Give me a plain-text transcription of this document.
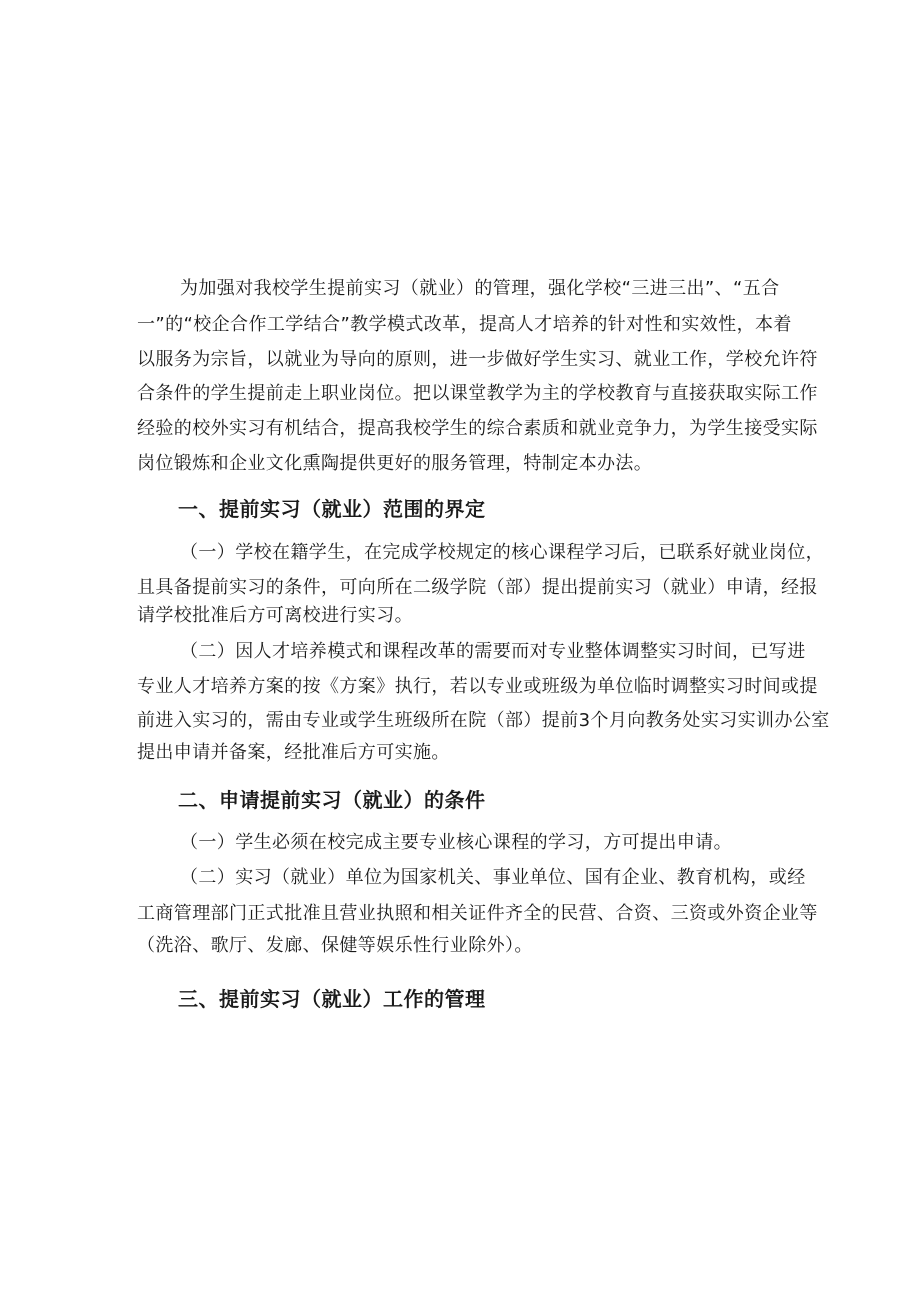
为加强对我校学生提前实习（就业）的管理，强化学校“三进三出”、“五合
一”的“校企合作工学结合”教学模式改革，提高人才培养的针对性和实效性，本着
以服务为宗旨，以就业为导向的原则，进一步做好学生实习、就业工作，学校允许符
合条件的学生提前走上职业岗位。把以课堂教学为主的学校教育与直接获取实际工作
经验的校外实习有机结合，提高我校学生的综合素质和就业竞争力，为学生接受实际
岗位锻炼和企业文化熏陶提供更好的服务管理，特制定本办法。
一、提前实习（就业）范围的界定
（一）学校在籍学生，在完成学校规定的核心课程学习后，已联系好就业岗位，
且具备提前实习的条件，可向所在二级学院（部）提出提前实习（就业）申请，经报
请学校批准后方可离校进行实习。
（二）因人才培养模式和课程改革的需要而对专业整体调整实习时间，已写进
专业人才培养方案的按《方案》执行，若以专业或班级为单位临时调整实习时间或提
前进入实习的，需由专业或学生班级所在院（部）提前3个月向教务处实习实训办公室
提出申请并备案，经批准后方可实施。
二、申请提前实习（就业）的条件
（一）学生必须在校完成主要专业核心课程的学习，方可提出申请。
（二）实习（就业）单位为国家机关、事业单位、国有企业、教育机构，或经
工商管理部门正式批准且营业执照和相关证件齐全的民营、合资、三资或外资企业等
（洗浴、歌厅、发廊、保健等娱乐性行业除外）。
三、提前实习（就业）工作的管理
